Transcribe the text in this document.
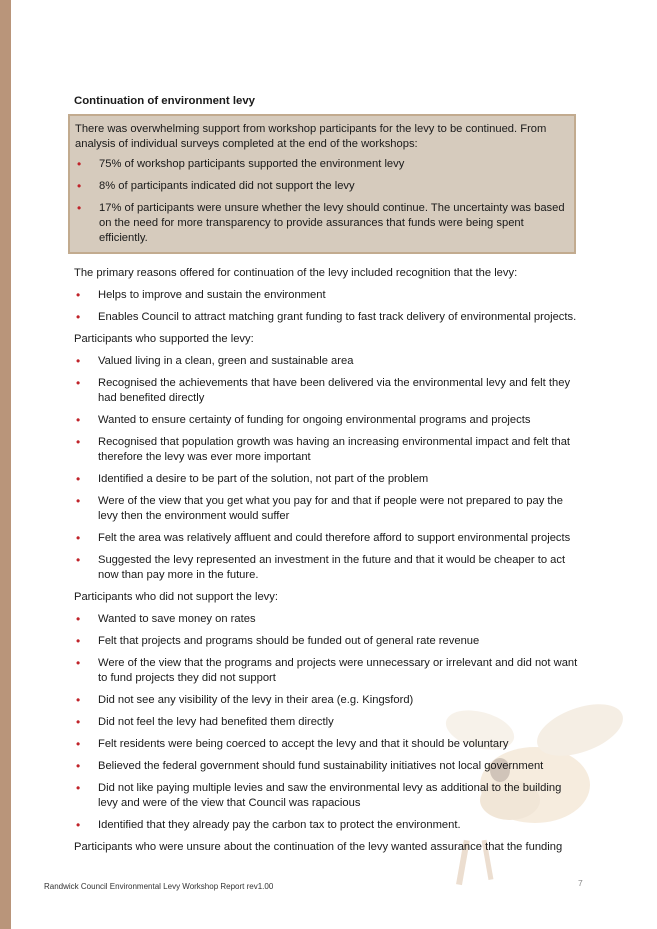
Continuation of environment levy

There was overwhelming support from workshop participants for the levy to be continued. From analysis of individual surveys completed at the end of the workshops:

• 75% of workshop participants supported the environment levy
• 8% of participants indicated did not support the levy
• 17% of participants were unsure whether the levy should continue. The uncertainty was based on the need for more transparency to provide assurances that funds were being spent efficiently.

The primary reasons offered for continuation of the levy included recognition that the levy:

• Helps to improve and sustain the environment
• Enables Council to attract matching grant funding to fast track delivery of environmental projects.

Participants who supported the levy:

• Valued living in a clean, green and sustainable area
• Recognised the achievements that have been delivered via the environmental levy and felt they had benefited directly
• Wanted to ensure certainty of funding for ongoing environmental programs and projects
• Recognised that population growth was having an increasing environmental impact and felt that therefore the levy was ever more important
• Identified a desire to be part of the solution, not part of the problem
• Were of the view that you get what you pay for and that if people were not prepared to pay the levy then the environment would suffer
• Felt the area was relatively affluent and could therefore afford to support environmental projects
• Suggested the levy represented an investment in the future and that it would be cheaper to act now than pay more in the future.

Participants who did not support the levy:

• Wanted to save money on rates
• Felt that projects and programs should be funded out of general rate revenue
• Were of the view that the programs and projects were unnecessary or irrelevant and did not want to fund projects they did not support
• Did not see any visibility of the levy in their area (e.g. Kingsford)
• Did not feel the levy had benefited them directly
• Felt residents were being coerced to accept the levy and that it should be voluntary
• Believed the federal government should fund sustainability initiatives not local government
• Did not like paying multiple levies and saw the environmental levy as additional to the building levy and were of the view that Council was rapacious
• Identified that they already pay the carbon tax to protect the environment.

Participants who were unsure about the continuation of the levy wanted assurance that the funding

Randwick Council Environmental Levy Workshop Report rev1.00	7
